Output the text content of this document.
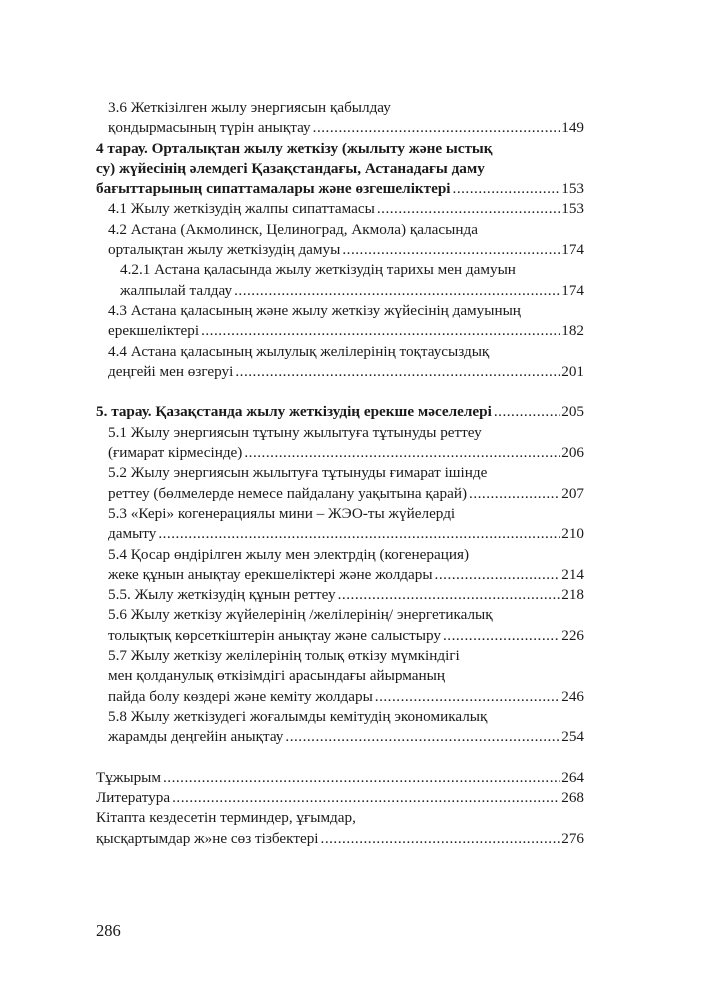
3.6 Жеткізілген жылу энергиясын қабылдау
қондырмасының түрін анықтау .....	149
4 тарау. Орталықтан жылу жеткізу (жылыту және ыстық
су) жүйесінің әлемдегі Қазақстандағы, Астанадағы даму
бағыттарының сипаттамалары және өзгешеліктері .....	153
4.1 Жылу жеткізудің жалпы сипаттамасы .....	153
4.2 Астана (Акмолинск, Целиноград, Акмола) қаласында
орталықтан жылу жеткізудің дамуы .....	174
4.2.1 Астана қаласында жылу жеткізудің тарихы мен дамуын
жалпылай талдау .....	174
4.3 Астана қаласының және жылу жеткізу жүйесінің дамуының
ерекшеліктері .....	182
4.4 Астана қаласының жылулық желілерінің тоқтаусыздық
деңгейі мен өзгеруі .....	201
5. тарау. Қазақстанда жылу жеткізудің ерекше мәселелері .....	205
5.1 Жылу энергиясын тұтыну жылытуға тұтынуды реттеу
(ғимарат кірмесінде) .....	206
5.2 Жылу энергиясын жылытуға тұтынуды ғимарат ішінде
реттеу (бөлмелерде немесе пайдалану уақытына қарай) .....	207
5.3 «Кері» когенерациялы мини – ЖЭО-ты жүйелерді
дамыту .....	210
5.4 Қосар өндірілген жылу мен электрдің (когенерация)
жеке құнын анықтау ерекшеліктері және жолдары .....	214
5.5. Жылу жеткізудің құнын реттеу .....	218
5.6 Жылу жеткізу жүйелерінің /желілерінің/ энергетикалық
толықтық көрсеткіштерін анықтау және салыстыру .....	226
5.7 Жылу жеткізу желілерінің толық өткізу мүмкіндігі
мен қолданулық өткізімдігі арасындағы айырманың
пайда болу көздері және кеміту жолдары .....	246
5.8 Жылу жеткізудегі жоғалымды кемітудің экономикалық
жарамды деңгейін анықтау .....	254
Тұжырым .....	264
Литература .....	268
Кітапта кездесетін терминдер, ұғымдар,
қысқартымдар ж»не сөз тізбектері .....	276
286
